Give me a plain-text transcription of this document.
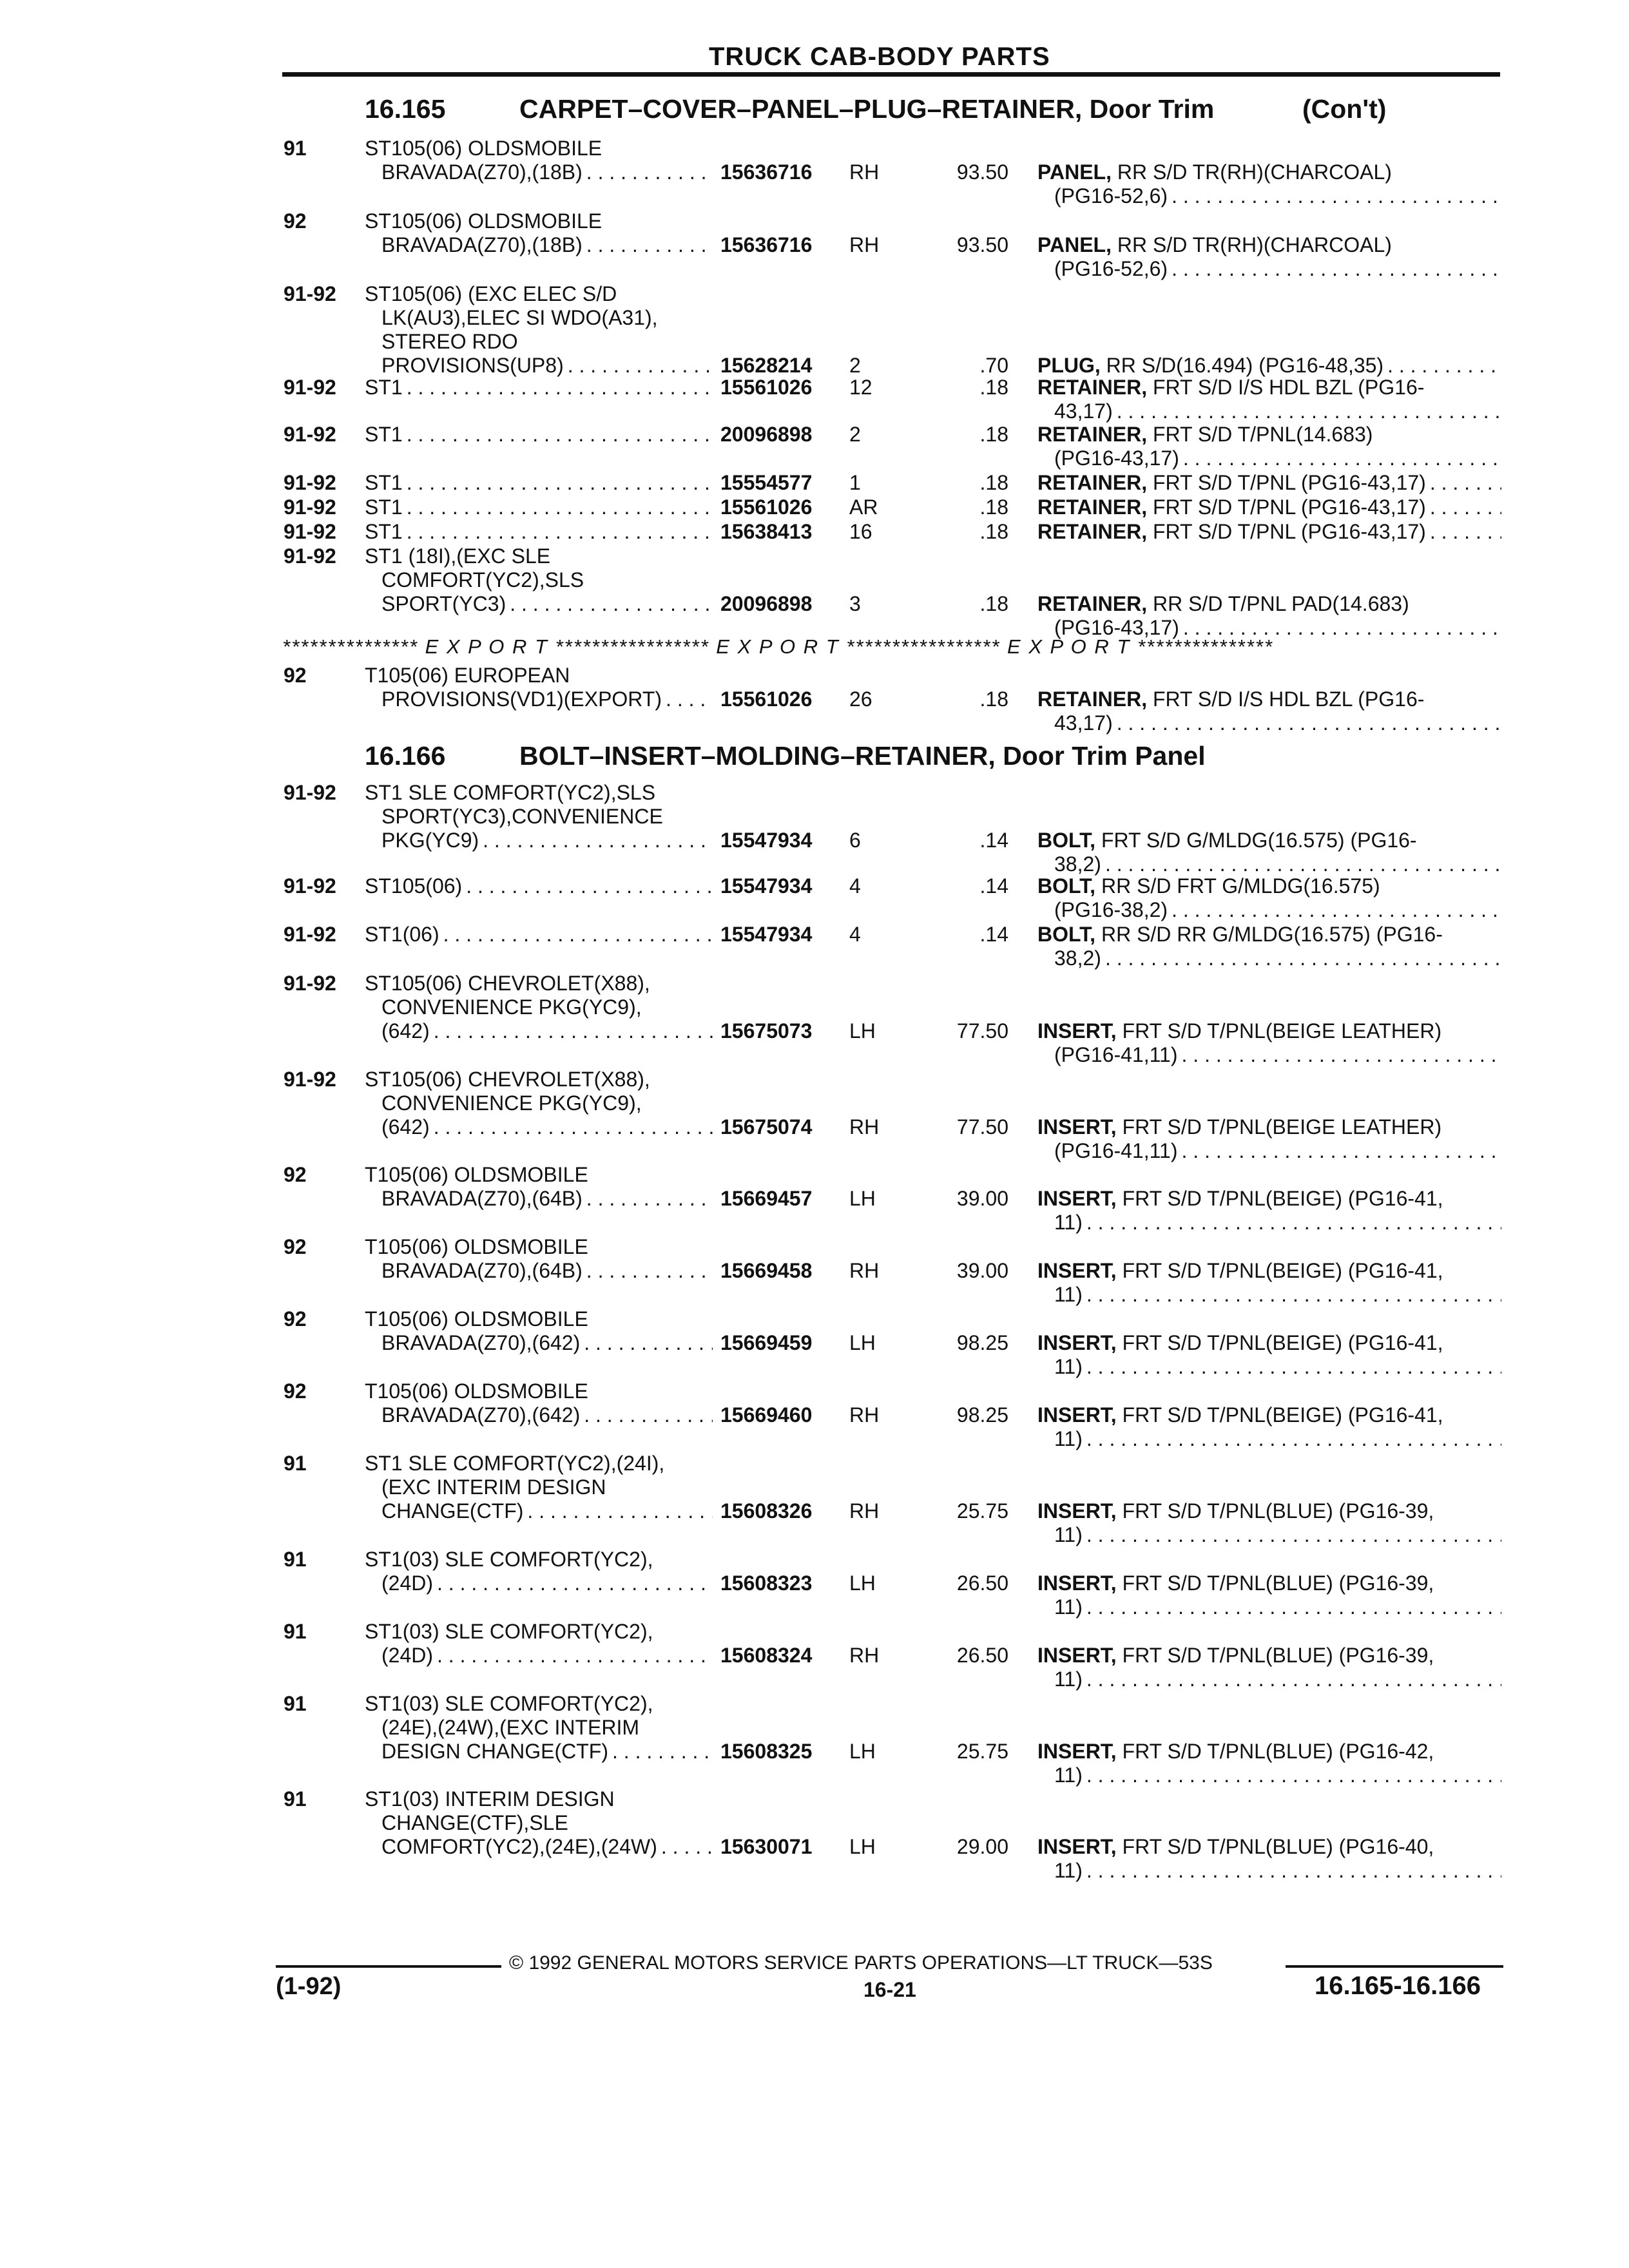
TRUCK CAB-BODY PARTS
16.165	CARPET–COVER–PANEL–PLUG–RETAINER, Door Trim	(Con't)
91	ST105(06) OLDSMOBILE
BRAVADA(Z70),(18B) . . .	15636716	RH	93.50 PANEL, RR S/D TR(RH)(CHARCOAL)
(PG16-52,6) . . .
92	ST105(06) OLDSMOBILE
BRAVADA(Z70),(18B) . . .	15636716	RH	93.50 PANEL, RR S/D TR(RH)(CHARCOAL)
(PG16-52,6) . . .
91-92	ST105(06) (EXC ELEC S/D
LK(AU3),ELEC SI WDO(A31),
STEREO RDO
PROVISIONS(UP8) . . .	15628214	2	.70 PLUG, RR S/D(16.494) (PG16-48,35) . . .
91-92	ST1 . . .	15561026	12	.18 RETAINER, FRT S/D I/S HDL BZL (PG16-
43,17) . . .
91-92	ST1 . . .	20096898	2	.18 RETAINER, FRT S/D T/PNL(14.683)
(PG16-43,17) . . .
91-92	ST1 . . .	15554577	1	.18 RETAINER, FRT S/D T/PNL (PG16-43,17) . . .
91-92	ST1 . . .	15561026	AR	.18 RETAINER, FRT S/D T/PNL (PG16-43,17) . . .
91-92	ST1 . . .	15638413	16	.18 RETAINER, FRT S/D T/PNL (PG16-43,17) . . .
91-92	ST1 (18I),(EXC SLE
COMFORT(YC2),SLS
SPORT(YC3) . . .	20096898	3	.18 RETAINER, RR S/D T/PNL PAD(14.683)
(PG16-43,17) . . .
92	T105(06) EUROPEAN
PROVISIONS(VD1)(EXPORT) . . .	15561026	26	.18 RETAINER, FRT S/D I/S HDL BZL (PG16-
43,17) . . .
*************** E X P O R T ***************** E X P O R T ***************** E X P O R T ***************
16.166	BOLT–INSERT–MOLDING–RETAINER, Door Trim Panel
91-92	ST1 SLE COMFORT(YC2),SLS
SPORT(YC3),CONVENIENCE
PKG(YC9) . . .	15547934	6	.14 BOLT, FRT S/D G/MLDG(16.575) (PG16-
38,2) . . .
91-92	ST105(06) . . .	15547934	4	.14 BOLT, RR S/D FRT G/MLDG(16.575)
(PG16-38,2) . . .
91-92	ST1(06) . . .	15547934	4	.14 BOLT, RR S/D RR G/MLDG(16.575) (PG16-
38,2) . . .
91-92	ST105(06) CHEVROLET(X88),
CONVENIENCE PKG(YC9),
(642) . . .	15675073	LH	77.50 INSERT, FRT S/D T/PNL(BEIGE LEATHER)
(PG16-41,11) . . .
91-92	ST105(06) CHEVROLET(X88),
CONVENIENCE PKG(YC9),
(642) . . .	15675074	RH	77.50 INSERT, FRT S/D T/PNL(BEIGE LEATHER)
(PG16-41,11) . . .
92	T105(06) OLDSMOBILE
BRAVADA(Z70),(64B) . . .	15669457	LH	39.00 INSERT, FRT S/D T/PNL(BEIGE) (PG16-41,
11) . . .
92	T105(06) OLDSMOBILE
BRAVADA(Z70),(64B) . . .	15669458	RH	39.00 INSERT, FRT S/D T/PNL(BEIGE) (PG16-41,
11) . . .
92	T105(06) OLDSMOBILE
BRAVADA(Z70),(642) . . .	15669459	LH	98.25 INSERT, FRT S/D T/PNL(BEIGE) (PG16-41,
11) . . .
92	T105(06) OLDSMOBILE
BRAVADA(Z70),(642) . . .	15669460	RH	98.25 INSERT, FRT S/D T/PNL(BEIGE) (PG16-41,
11) . . .
91	ST1 SLE COMFORT(YC2),(24I),
(EXC INTERIM DESIGN
CHANGE(CTF) . . .	15608326	RH	25.75 INSERT, FRT S/D T/PNL(BLUE) (PG16-39,
11) . . .
91	ST1(03) SLE COMFORT(YC2),
(24D) . . .	15608323	LH	26.50 INSERT, FRT S/D T/PNL(BLUE) (PG16-39,
11) . . .
91	ST1(03) SLE COMFORT(YC2),
(24D) . . .	15608324	RH	26.50 INSERT, FRT S/D T/PNL(BLUE) (PG16-39,
11) . . .
91	ST1(03) SLE COMFORT(YC2),
(24E),(24W),(EXC INTERIM
DESIGN CHANGE(CTF) . . .	15608325	LH	25.75 INSERT, FRT S/D T/PNL(BLUE) (PG16-42,
11) . . .
91	ST1(03) INTERIM DESIGN
CHANGE(CTF),SLE
COMFORT(YC2),(24E),(24W) . . .	15630071	LH	29.00 INSERT, FRT S/D T/PNL(BLUE) (PG16-40,
11) . . .
© 1992 GENERAL MOTORS SERVICE PARTS OPERATIONS—LT TRUCK—53S
(1-92)	16-21	16.165-16.166
